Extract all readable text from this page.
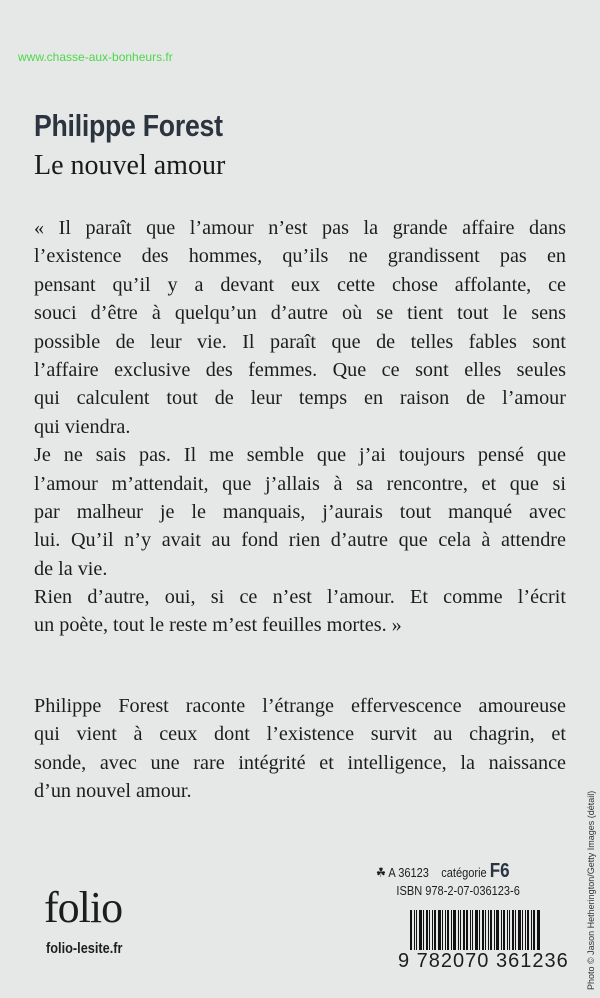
www.chasse-aux-bonheurs.fr
Philippe Forest
Le nouvel amour
« Il paraît que l’amour n’est pas la grande affaire dans
l’existence des hommes, qu’ils ne grandissent pas en
pensant qu’il y a devant eux cette chose affolante, ce
souci d’être à quelqu’un d’autre où se tient tout le sens
possible de leur vie. Il paraît que de telles fables sont
l’affaire exclusive des femmes. Que ce sont elles seules
qui calculent tout de leur temps en raison de l’amour
qui viendra.
Je ne sais pas. Il me semble que j’ai toujours pensé que
l’amour m’attendait, que j’allais à sa rencontre, et que si
par malheur je le manquais, j’aurais tout manqué avec
lui. Qu’il n’y avait au fond rien d’autre que cela à attendre
de la vie.
Rien d’autre, oui, si ce n’est l’amour. Et comme l’écrit
un poète, tout le reste m’est feuilles mortes. »
Philippe Forest raconte l’étrange effervescence amoureuse
qui vient à ceux dont l’existence survit au chagrin, et
sonde, avec une rare intégrité et intelligence, la naissance
d’un nouvel amour.
☘ A 36123 catégorie F6
ISBN 978-2-07-036123-6
9 782070 361236
folio
folio-lesite.fr	Photo © Jason Hetherington/Getty Images (détail)
